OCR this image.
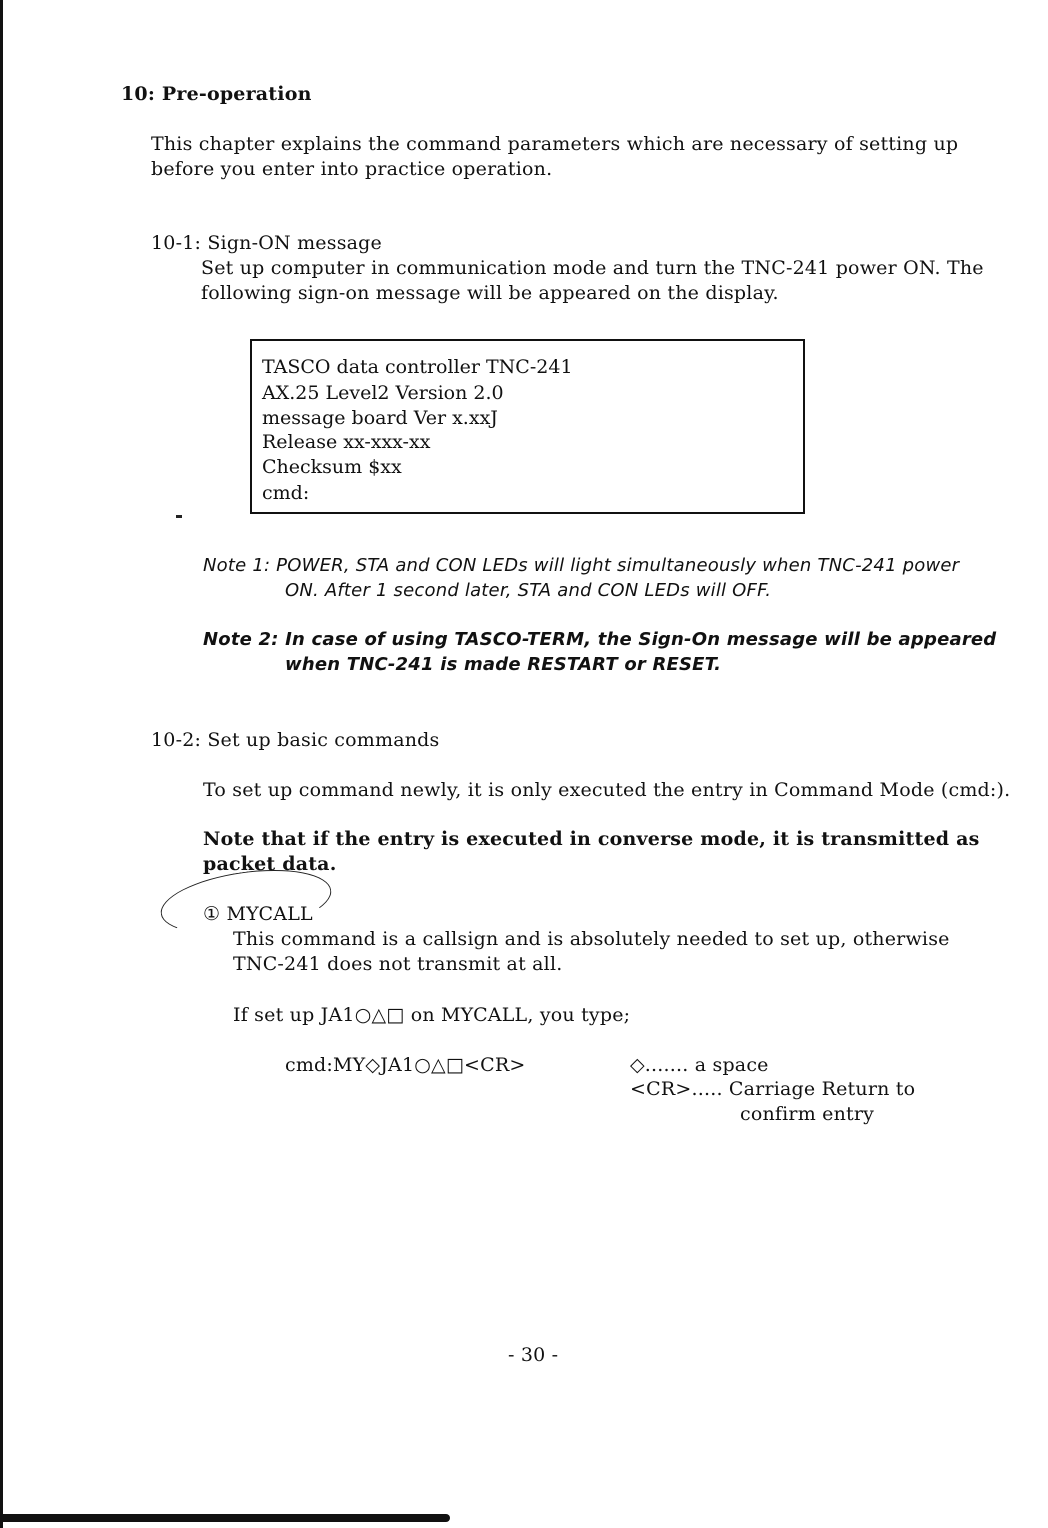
10: Pre-operation
This chapter explains the command parameters which are necessary of setting up
before you enter into practice operation.
10-1: Sign-ON message
Set up computer in communication mode and turn the TNC-241 power ON. The
following sign-on message will be appeared on the display.
TASCO data controller TNC-241
AX.25 Level2 Version 2.0
message board Ver x.xxJ
Release xx-xxx-xx
Checksum $xx
cmd:
Note 1: POWER, STA and CON LEDs will light simultaneously when TNC-241 power
ON. After 1 second later, STA and CON LEDs will OFF.
Note 2: In case of using TASCO-TERM, the Sign-On message will be appeared
when TNC-241 is made RESTART or RESET.
10-2: Set up basic commands
To set up command newly, it is only executed the entry in Command Mode (cmd:).
Note that if the entry is executed in converse mode, it is transmitted as
packet data.
① MYCALL
This command is a callsign and is absolutely needed to set up, otherwise
TNC-241 does not transmit at all.
If set up JA1○△□ on MYCALL, you type;
cmd:MY◇JA1○△□<CR>	◇....... a space
<CR>..... Carriage Return to
confirm entry
- 30 -
